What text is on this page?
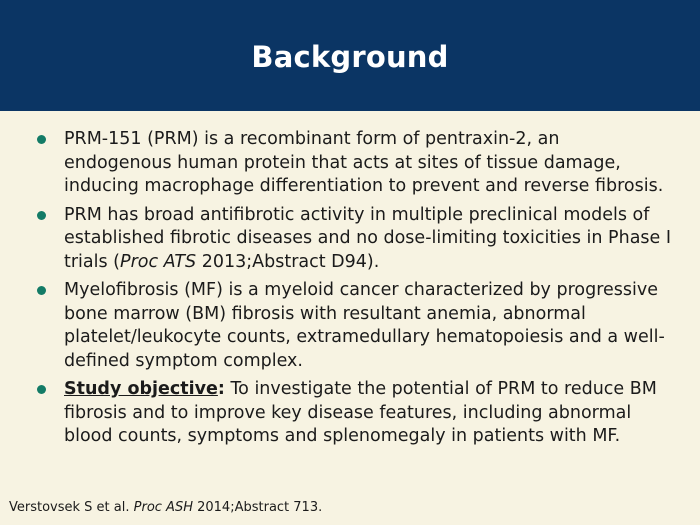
Background
PRM-151 (PRM) is a recombinant form of pentraxin-2, an endogenous human protein that acts at sites of tissue damage, inducing macrophage differentiation to prevent and reverse fibrosis.
PRM has broad antifibrotic activity in multiple preclinical models of established fibrotic diseases and no dose-limiting toxicities in Phase I trials (Proc ATS 2013;Abstract D94).
Myelofibrosis (MF) is a myeloid cancer characterized by progressive bone marrow (BM) fibrosis with resultant anemia, abnormal platelet/leukocyte counts, extramedullary hematopoiesis and a well-defined symptom complex.
Study objective: To investigate the potential of PRM to reduce BM fibrosis and to improve key disease features, including abnormal blood counts, symptoms and splenomegaly in patients with MF.
Verstovsek S et al. Proc ASH 2014;Abstract 713.
